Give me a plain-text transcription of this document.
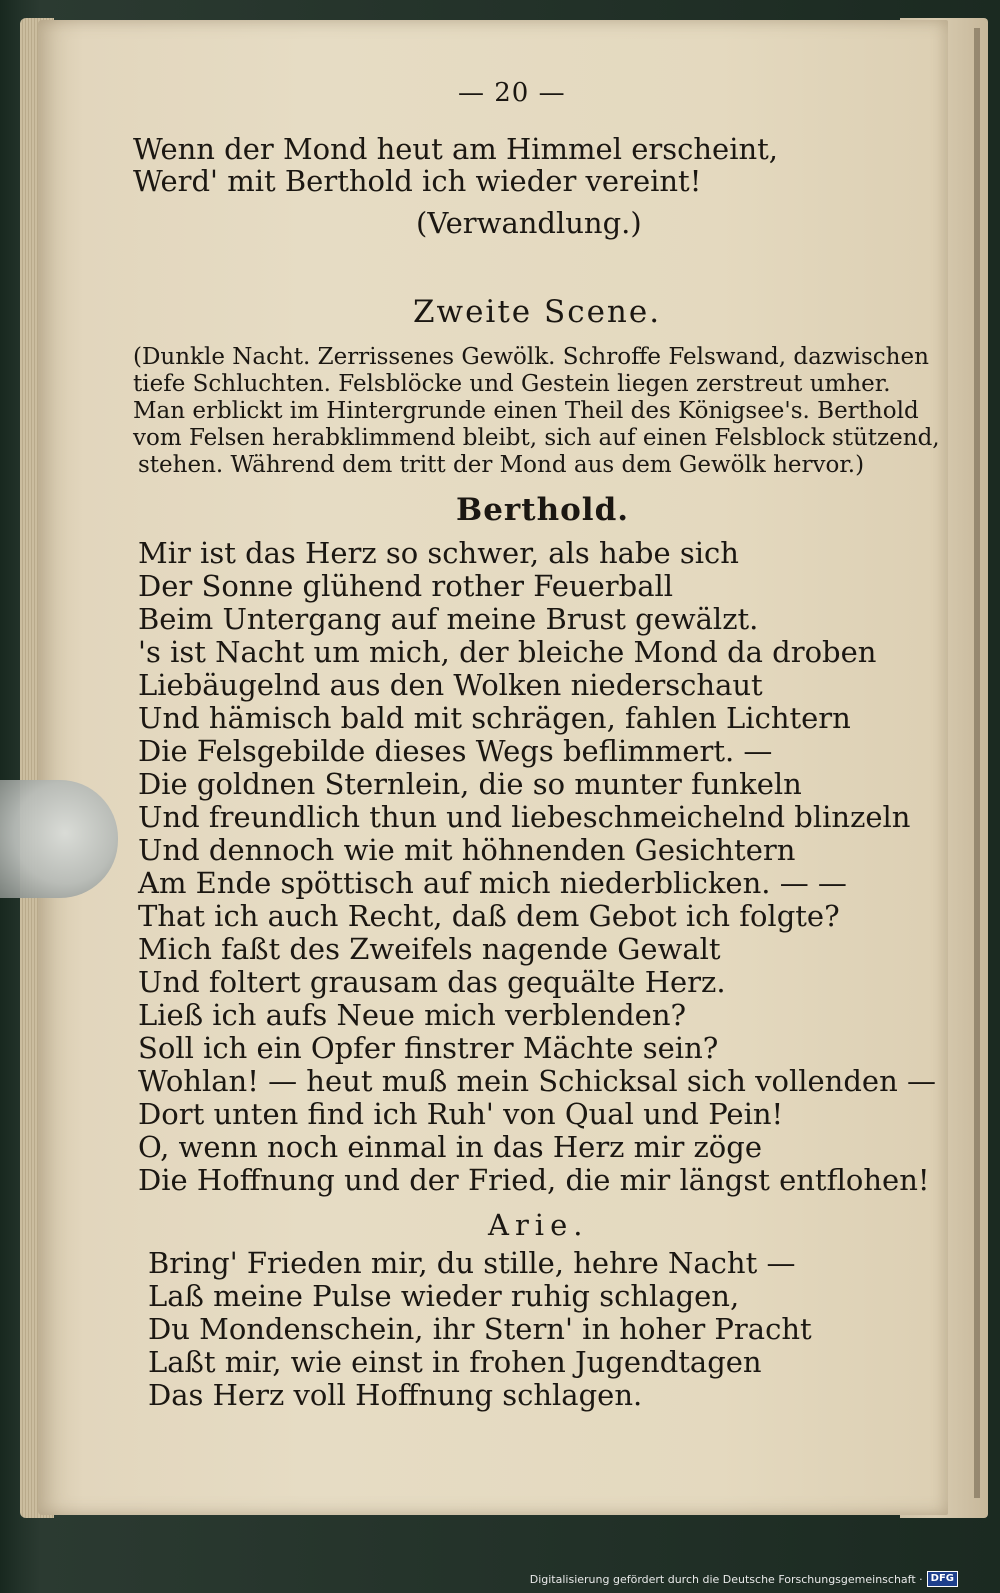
— 20 —
Wenn der Mond heut am Himmel erscheint,
Werd' mit Berthold ich wieder vereint!
(Verwandlung.)
Zweite Scene.
(Dunkle Nacht. Zerrissenes Gewölk. Schroffe Felswand, dazwischen
tiefe Schluchten. Felsblöcke und Gestein liegen zerstreut umher.
Man erblickt im Hintergrunde einen Theil des Königsee's. Berthold
vom Felsen herabklimmend bleibt, sich auf einen Felsblock stützend,
stehen. Während dem tritt der Mond aus dem Gewölk hervor.)
Berthold.
Mir ist das Herz so schwer, als habe sich
Der Sonne glühend rother Feuerball
Beim Untergang auf meine Brust gewälzt.
's ist Nacht um mich, der bleiche Mond da droben
Liebäugelnd aus den Wolken niederschaut
Und hämisch bald mit schrägen, fahlen Lichtern
Die Felsgebilde dieses Wegs beflimmert. —
Die goldnen Sternlein, die so munter funkeln
Und freundlich thun und liebeschmeichelnd blinzeln
Und dennoch wie mit höhnenden Gesichtern
Am Ende spöttisch auf mich niederblicken. — —
That ich auch Recht, daß dem Gebot ich folgte?
Mich faßt des Zweifels nagende Gewalt
Und foltert grausam das gequälte Herz.
Ließ ich aufs Neue mich verblenden?
Soll ich ein Opfer finstrer Mächte sein?
Wohlan! — heut muß mein Schicksal sich vollenden —
Dort unten find ich Ruh' von Qual und Pein!
O, wenn noch einmal in das Herz mir zöge
Die Hoffnung und der Fried, die mir längst entflohen!
Arie.
Bring' Frieden mir, du stille, hehre Nacht —
Laß meine Pulse wieder ruhig schlagen,
Du Mondenschein, ihr Stern' in hoher Pracht
Laßt mir, wie einst in frohen Jugendtagen
Das Herz voll Hoffnung schlagen.
Digitalisierung gefördert durch die Deutsche Forschungsgemeinschaft · DFG
